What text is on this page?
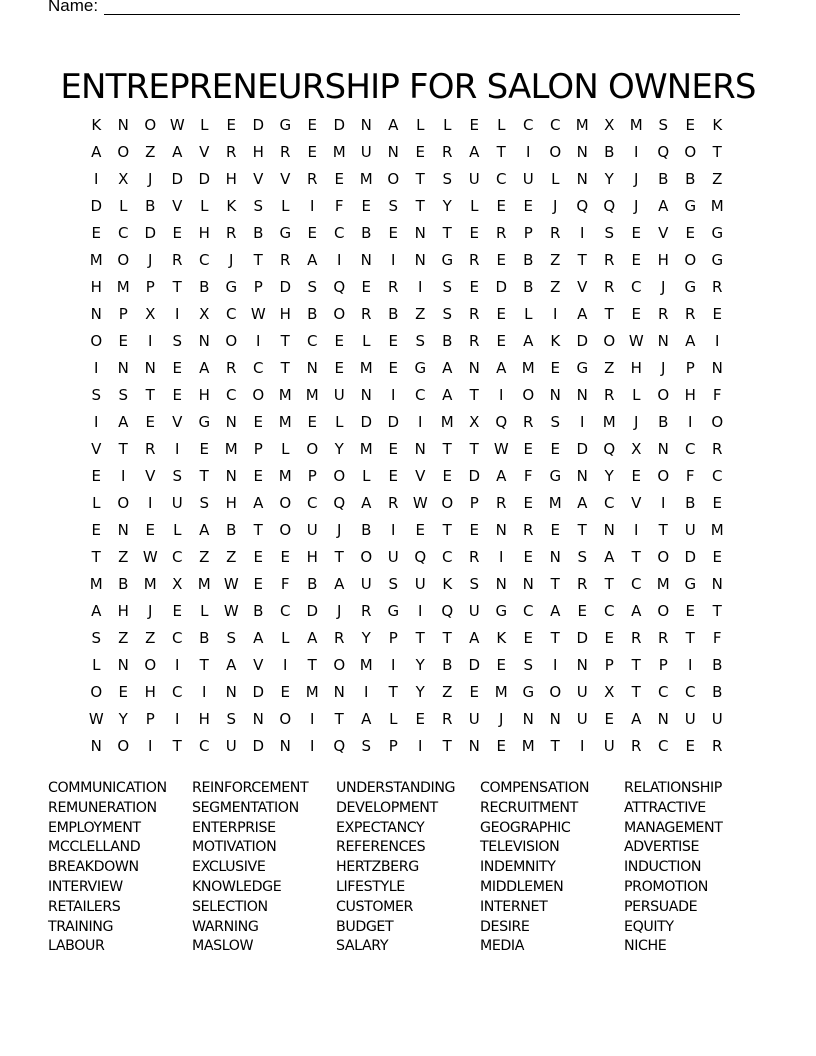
Name:
ENTREPRENEURSHIP FOR SALON OWNERS
K	N O W L	E	D G	E	D	N	A	L	L	E	L	C	C M X M	S	E	K
A	O	Z	A	V	R	H	R	E	M U	N	E	R	A	T	I	O N	B	I	Q O	T
I	X	J	D D	H	V	V	R	E	M O	T	S	U	C	U	L	N	Y	J	B	B	Z
D	L	B	V	L	K	S	L	I	F	E	S	T	Y	L	E	E	J	Q Q	J	A	G M
E	C	D	E	H	R	B	G	E	C	B	E	N	T	E	R	P	R	I	S	E	V	E	G
M O	J	R	C	J	T	R	A	I	N	I	N	G	R	E	B	Z	T	R	E	H O G
H M	P	T	B	G	P	D	S	Q	E	R	I	S	E	D	B	Z	V	R	C	J	G	R
N	P	X	I	X	C W H	B	O	R	B	Z	S	R	E	L	I	A	T	E	R	R	E
O	E	I	S	N O	I	T	C	E	L	E	S	B	R	E	A	K	D O W N	A	I
I	N	N	E	A	R	C	T	N	E	M	E	G	A	N	A M	E	G	Z	H	J	P	N
S	S	T	E	H	C	O M M U	N	I	C	A	T	I	O N	N	R	L	O H	F
I	A	E	V	G	N	E	M	E	L	D D	I	M X	Q	R	S	I	M	J	B	I	O
V	T	R	I	E	M	P	L	O	Y	M	E	N	T	T W E	E	D Q	X	N	C	R
E	I	V	S	T	N	E	M	P	O	L	E	V	E	D	A	F	G	N	Y	E	O	F	C
L	O	I	U	S	H	A	O	C	Q	A	R W O	P	R	E	M A	C	V	I	B	E
E	N	E	L	A	B	T	O	U	J	B	I	E	T	E	N	R	E	T	N	I	T	U M
T	Z W C	Z	Z	E	E	H	T	O	U	Q	C	R	I	E	N	S	A	T	O D	E
M B M X M W E	F	B	A	U	S	U	K	S	N	N	T	R	T	C M G	N
A	H	J	E	L W B	C	D	J	R	G	I	Q	U	G	C	A	E	C	A	O	E	T
S	Z	Z	C	B	S	A	L	A	R	Y	P	T	T	A	K	E	T	D	E	R	R	T	F
L	N O	I	T	A	V	I	T	O M	I	Y	B	D	E	S	I	N	P	T	P	I	B
O	E	H	C	I	N	D	E	M N	I	T	Y	Z	E	M G O	U	X	T	C	C	B
W Y	P	I	H	S	N O	I	T	A	L	E	R	U	J	N	N	U	E	A	N	U	U
N O	I	T	C	U	D	N	I	Q	S	P	I	T	N	E	M	T	I	U	R	C	E	R
COMMUNICATION
REMUNERATION
EMPLOYMENT
MCCLELLAND
BREAKDOWN
INTERVIEW
RETAILERS
TRAINING
LABOUR
REINFORCEMENT
SEGMENTATION
ENTERPRISE
MOTIVATION
EXCLUSIVE
KNOWLEDGE
SELECTION
WARNING
MASLOW
UNDERSTANDING
DEVELOPMENT
EXPECTANCY
REFERENCES
HERTZBERG
LIFESTYLE
CUSTOMER
BUDGET
SALARY
COMPENSATION
RECRUITMENT
GEOGRAPHIC
TELEVISION
INDEMNITY
MIDDLEMEN
INTERNET
DESIRE
MEDIA
RELATIONSHIP
ATTRACTIVE
MANAGEMENT
ADVERTISE
INDUCTION
PROMOTION
PERSUADE
EQUITY
NICHE
